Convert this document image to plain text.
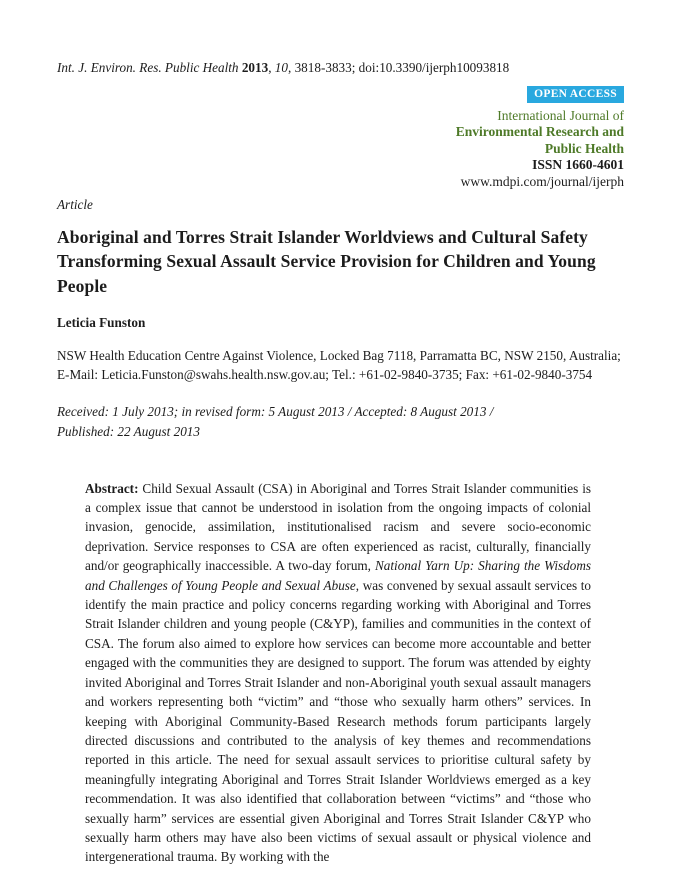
Int. J. Environ. Res. Public Health 2013, 10, 3818-3833; doi:10.3390/ijerph10093818
OPEN ACCESS
International Journal of
Environmental Research and
Public Health
ISSN 1660-4601
www.mdpi.com/journal/ijerph
Article
Aboriginal and Torres Strait Islander Worldviews and Cultural Safety Transforming Sexual Assault Service Provision for Children and Young People
Leticia Funston
NSW Health Education Centre Against Violence, Locked Bag 7118, Parramatta BC, NSW 2150, Australia; E-Mail: Leticia.Funston@swahs.health.nsw.gov.au; Tel.: +61-02-9840-3735; Fax: +61-02-9840-3754
Received: 1 July 2013; in revised form: 5 August 2013 / Accepted: 8 August 2013 /
Published: 22 August 2013
Abstract: Child Sexual Assault (CSA) in Aboriginal and Torres Strait Islander communities is a complex issue that cannot be understood in isolation from the ongoing impacts of colonial invasion, genocide, assimilation, institutionalised racism and severe socio-economic deprivation. Service responses to CSA are often experienced as racist, culturally, financially and/or geographically inaccessible. A two-day forum, National Yarn Up: Sharing the Wisdoms and Challenges of Young People and Sexual Abuse, was convened by sexual assault services to identify the main practice and policy concerns regarding working with Aboriginal and Torres Strait Islander children and young people (C&YP), families and communities in the context of CSA. The forum also aimed to explore how services can become more accountable and better engaged with the communities they are designed to support. The forum was attended by eighty invited Aboriginal and Torres Strait Islander and non-Aboriginal youth sexual assault managers and workers representing both “victim” and “those who sexually harm others” services. In keeping with Aboriginal Community-Based Research methods forum participants largely directed discussions and contributed to the analysis of key themes and recommendations reported in this article. The need for sexual assault services to prioritise cultural safety by meaningfully integrating Aboriginal and Torres Strait Islander Worldviews emerged as a key recommendation. It was also identified that collaboration between “victims” and “those who sexually harm” services are essential given Aboriginal and Torres Strait Islander C&YP who sexually harm others may have also been victims of sexual assault or physical violence and intergenerational trauma. By working with the
